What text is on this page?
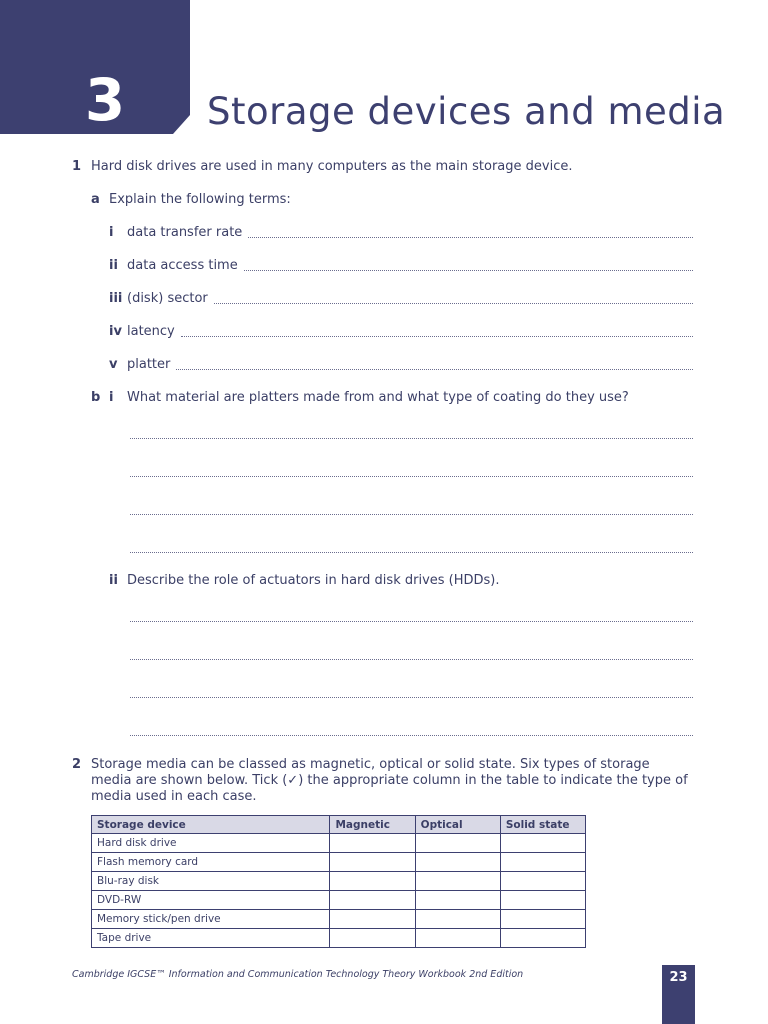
3	Storage devices and media
1 Hard disk drives are used in many computers as the main storage device.
a Explain the following terms:
i data transfer rate
ii data access time
iii (disk) sector
iv latency
v platter
b i What material are platters made from and what type of coating do they use?
ii Describe the role of actuators in hard disk drives (HDDs).
2 Storage media can be classed as magnetic, optical or solid state. Six types of storage media are shown below. Tick (✓) the appropriate column in the table to indicate the type of media used in each case.
Storage device	Magnetic	Optical	Solid state
Hard disk drive			
Flash memory card			
Blu-ray disk			
DVD-RW			
Memory stick/pen drive			
Tape drive			
Cambridge IGCSE™ Information and Communication Technology Theory Workbook 2nd Edition	23
